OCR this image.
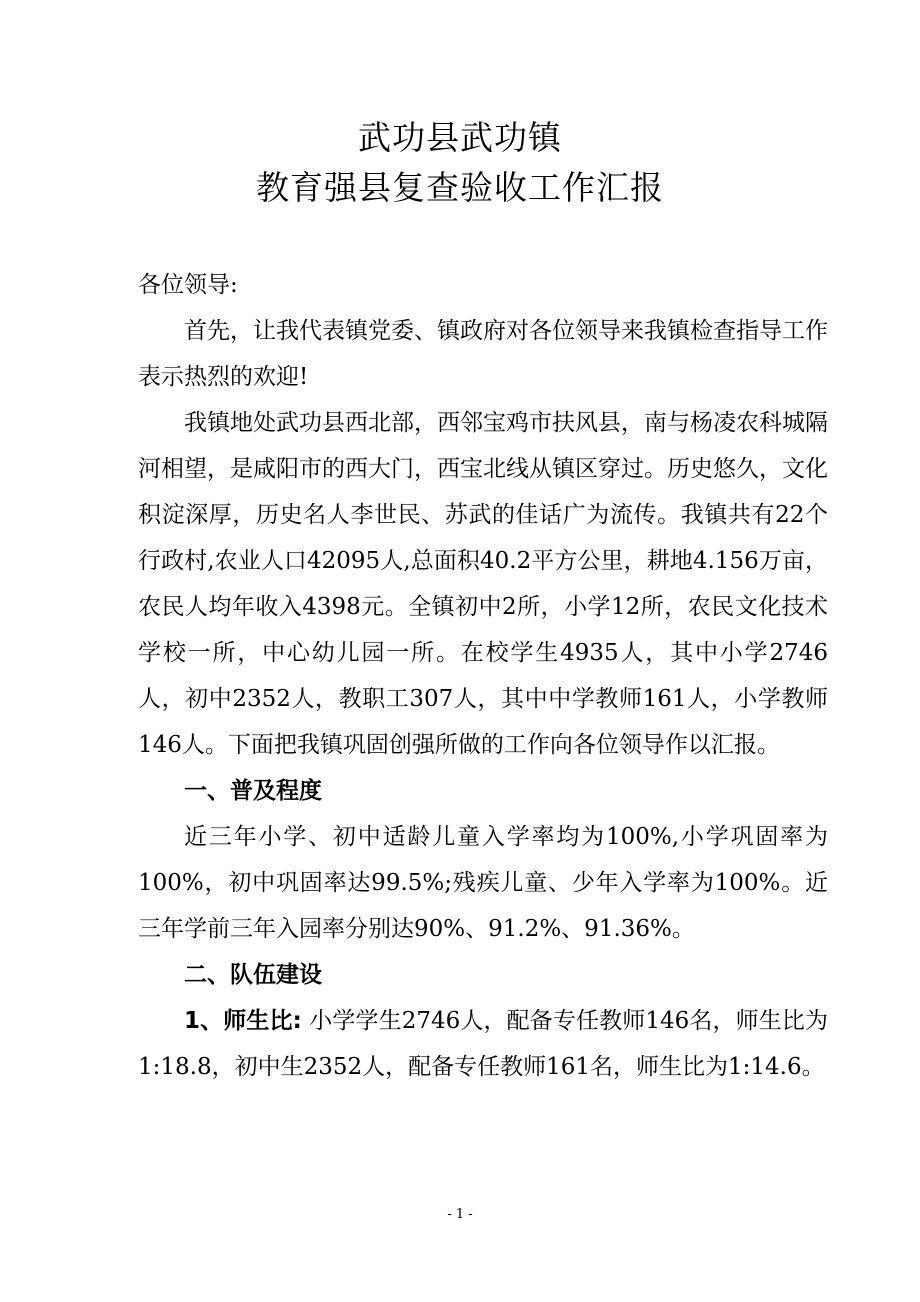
武功县武功镇
教育强县复查验收工作汇报

各位领导:

首先，让我代表镇党委、镇政府对各位领导来我镇检查指导工作表示热烈的欢迎!

我镇地处武功县西北部，西邻宝鸡市扶风县，南与杨凌农科城隔河相望，是咸阳市的西大门，西宝北线从镇区穿过。历史悠久，文化积淀深厚，历史名人李世民、苏武的佳话广为流传。我镇共有22个行政村,农业人口42095人,总面积40.2平方公里，耕地4.156万亩，农民人均年收入4398元。全镇初中2所，小学12所，农民文化技术学校一所，中心幼儿园一所。在校学生4935人，其中小学2746人，初中2352人，教职工307人，其中中学教师161人，小学教师146人。下面把我镇巩固创强所做的工作向各位领导作以汇报。

一、普及程度

近三年小学、初中适龄儿童入学率均为100%,小学巩固率为100%，初中巩固率达99.5%;残疾儿童、少年入学率为100%。近三年学前三年入园率分别达90%、91.2%、91.36%。

二、队伍建设

1、师生比: 小学学生2746人，配备专任教师146名，师生比为1:18.8，初中生2352人，配备专任教师161名，师生比为1:14.6。

- 1 -
